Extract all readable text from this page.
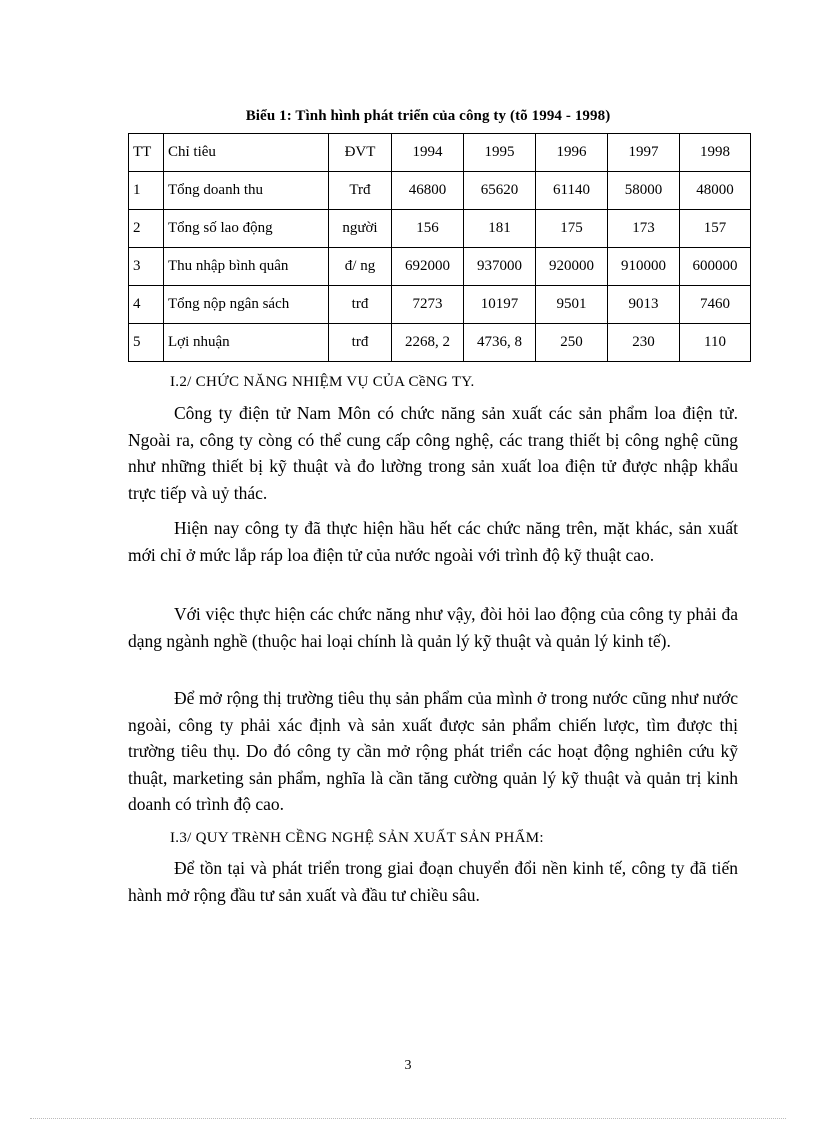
Biểu 1: Tình hình phát triển của công ty (tõ 1994 - 1998)
TT	Chỉ tiêu	ĐVT	1994	1995	1996	1997	1998
1	Tổng doanh thu	Trđ	46800	65620	61140	58000	48000
2	Tổng số lao động	người	156	181	175	173	157
3	Thu nhập bình quân	đ/ ng	692000	937000	920000	910000	600000
4	Tổng nộp ngân sách	trđ	7273	10197	9501	9013	7460
5	Lợi nhuận	trđ	2268, 2	4736, 8	250	230	110
I.2/ CHỨC NĂNG NHIỆM VỤ CỦA CềNG TY.

Công ty điện tử Nam Môn có chức năng sản xuất các sản phẩm loa điện tử. Ngoài ra, công ty còng có thể cung cấp công nghệ, các trang thiết bị công nghệ cũng như những thiết bị kỹ thuật và đo lường trong sản xuất loa điện tử được nhập khẩu trực tiếp và uỷ thác.

Hiện nay công ty đã thực hiện hầu hết các chức năng trên, mặt khác, sản xuất mới chỉ ở mức lắp ráp loa điện tử của nước ngoài với trình độ kỹ thuật cao.

Với việc thực hiện các chức năng như vậy, đòi hỏi lao động của công ty phải đa dạng ngành nghề (thuộc hai loại chính là quản lý kỹ thuật và quản lý kinh tế).

Để mở rộng thị trường tiêu thụ sản phẩm của mình ở trong nước cũng như nước ngoài, công ty phải xác định và sản xuất được sản phẩm chiến lược, tìm được thị trường tiêu thụ. Do đó công ty cần mở rộng phát triển các hoạt động nghiên cứu kỹ thuật, marketing sản phẩm, nghĩa là cần tăng cường quản lý kỹ thuật và quản trị kinh doanh có trình độ cao.

I.3/ QUY TRèNH CỀNG NGHỆ SẢN XUẤT SẢN PHẨM:

Để tồn tại và phát triển trong giai đoạn chuyển đổi nền kinh tế, công ty đã tiến hành mở rộng đầu tư sản xuất và đầu tư chiều sâu.

3
